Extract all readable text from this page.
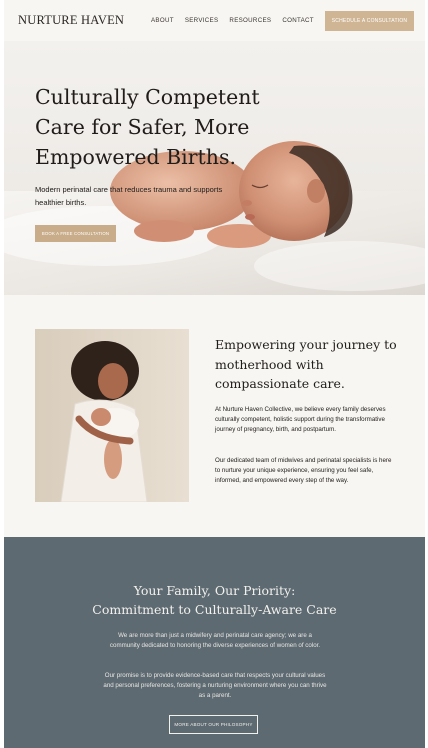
NURTURE HAVEN	ABOUT SERVICES RESOURCES CONTACT	SCHEDULE A CONSULTATION
Culturally Competent Care for Safer, More Empowered Births.
Modern perinatal care that reduces trauma and supports healthier births.
BOOK A FREE CONSULTATION
Empowering your journey to motherhood with compassionate care.
At Nurture Haven Collective, we believe every family deserves culturally competent, holistic support during the transformative journey of pregnancy, birth, and postpartum.
Our dedicated team of midwives and perinatal specialists is here to nurture your unique experience, ensuring you feel safe, informed, and empowered every step of the way.
Your Family, Our Priority:
Commitment to Culturally-Aware Care
We are more than just a midwifery and perinatal care agency; we are a community dedicated to honoring the diverse experiences of women of color.
Our promise is to provide evidence-based care that respects your cultural values and personal preferences, fostering a nurturing environment where you can thrive as a parent.
MORE ABOUT OUR PHILOSOPHY
